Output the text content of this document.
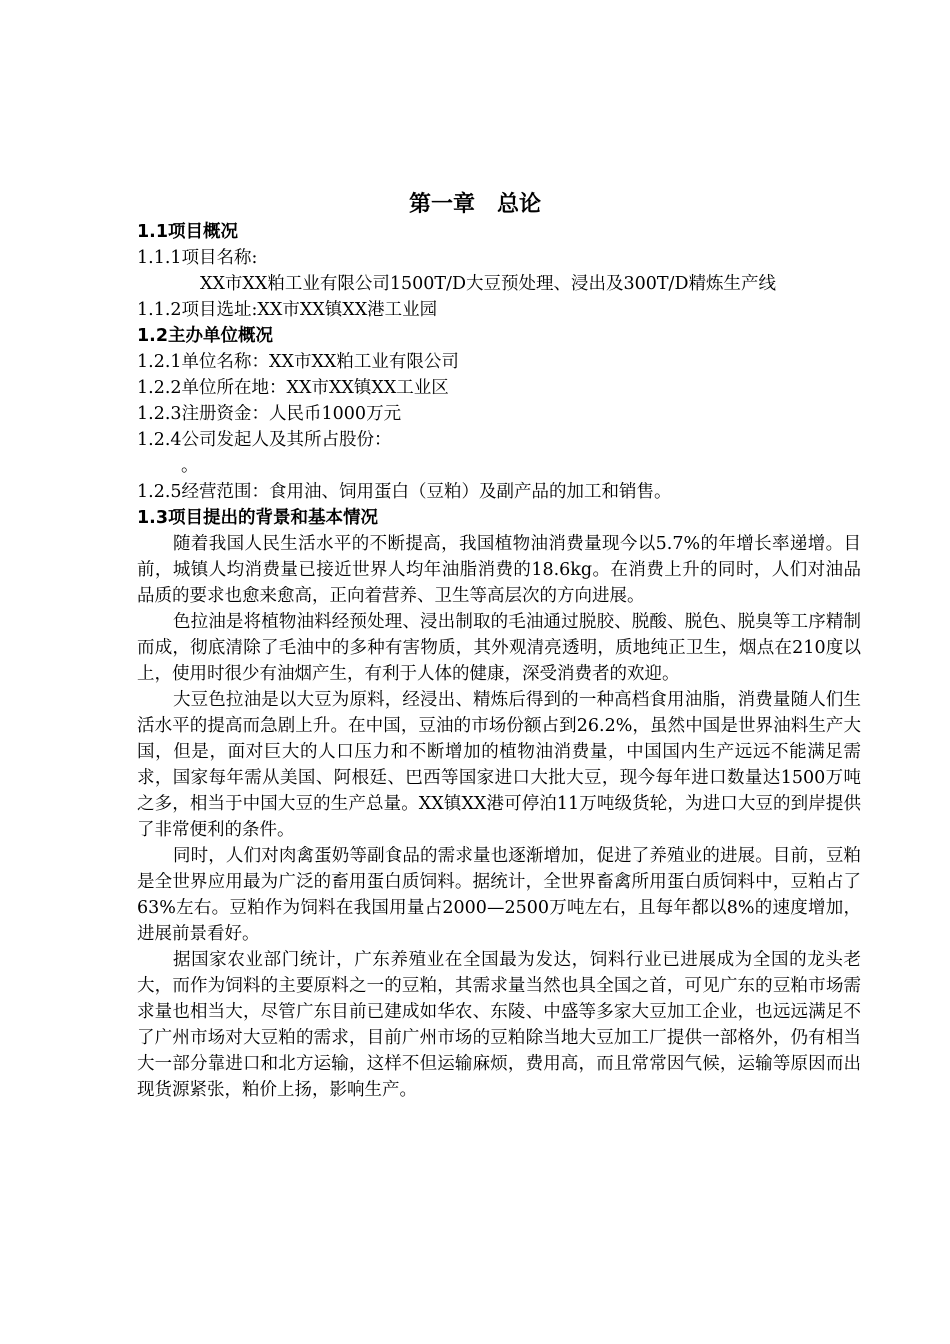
第一章　总论
1.1项目概况
1.1.1项目名称:
XX市XX粕工业有限公司1500T/D大豆预处理、浸出及300T/D精炼生产线
1.1.2项目选址:XX市XX镇XX港工业园
1.2主办单位概况
1.2.1单位名称：XX市XX粕工业有限公司
1.2.2单位所在地：XX市XX镇XX工业区
1.2.3注册资金：人民币1000万元
1.2.4公司发起人及其所占股份：
。
1.2.5经营范围：食用油、饲用蛋白（豆粕）及副产品的加工和销售。
1.3项目提出的背景和基本情况

随着我国人民生活水平的不断提高，我国植物油消费量现今以5.7%的年增长率递增。目前，城镇人均消费量已接近世界人均年油脂消费的18.6kg。在消费上升的同时，人们对油品品质的要求也愈来愈高，正向着营养、卫生等高层次的方向进展。

色拉油是将植物油料经预处理、浸出制取的毛油通过脱胶、脱酸、脱色、脱臭等工序精制而成，彻底清除了毛油中的多种有害物质，其外观清亮透明，质地纯正卫生，烟点在210度以上，使用时很少有油烟产生，有利于人体的健康，深受消费者的欢迎。

大豆色拉油是以大豆为原料，经浸出、精炼后得到的一种高档食用油脂，消费量随人们生活水平的提高而急剧上升。在中国，豆油的市场份额占到26.2%，虽然中国是世界油料生产大国，但是，面对巨大的人口压力和不断增加的植物油消费量，中国国内生产远远不能满足需求，国家每年需从美国、阿根廷、巴西等国家进口大批大豆，现今每年进口数量达1500万吨之多，相当于中国大豆的生产总量。XX镇XX港可停泊11万吨级货轮，为进口大豆的到岸提供了非常便利的条件。

同时，人们对肉禽蛋奶等副食品的需求量也逐渐增加，促进了养殖业的进展。目前，豆粕是全世界应用最为广泛的畜用蛋白质饲料。据统计，全世界畜禽所用蛋白质饲料中，豆粕占了63%左右。豆粕作为饲料在我国用量占2000—2500万吨左右，且每年都以8%的速度增加，进展前景看好。

据国家农业部门统计，广东养殖业在全国最为发达，饲料行业已进展成为全国的龙头老大，而作为饲料的主要原料之一的豆粕，其需求量当然也具全国之首，可见广东的豆粕市场需求量也相当大，尽管广东目前已建成如华农、东陵、中盛等多家大豆加工企业，也远远满足不了广州市场对大豆粕的需求，目前广州市场的豆粕除当地大豆加工厂提供一部格外，仍有相当大一部分靠进口和北方运输，这样不但运输麻烦，费用高，而且常常因气候，运输等原因而出现货源紧张，粕价上扬，影响生产。
